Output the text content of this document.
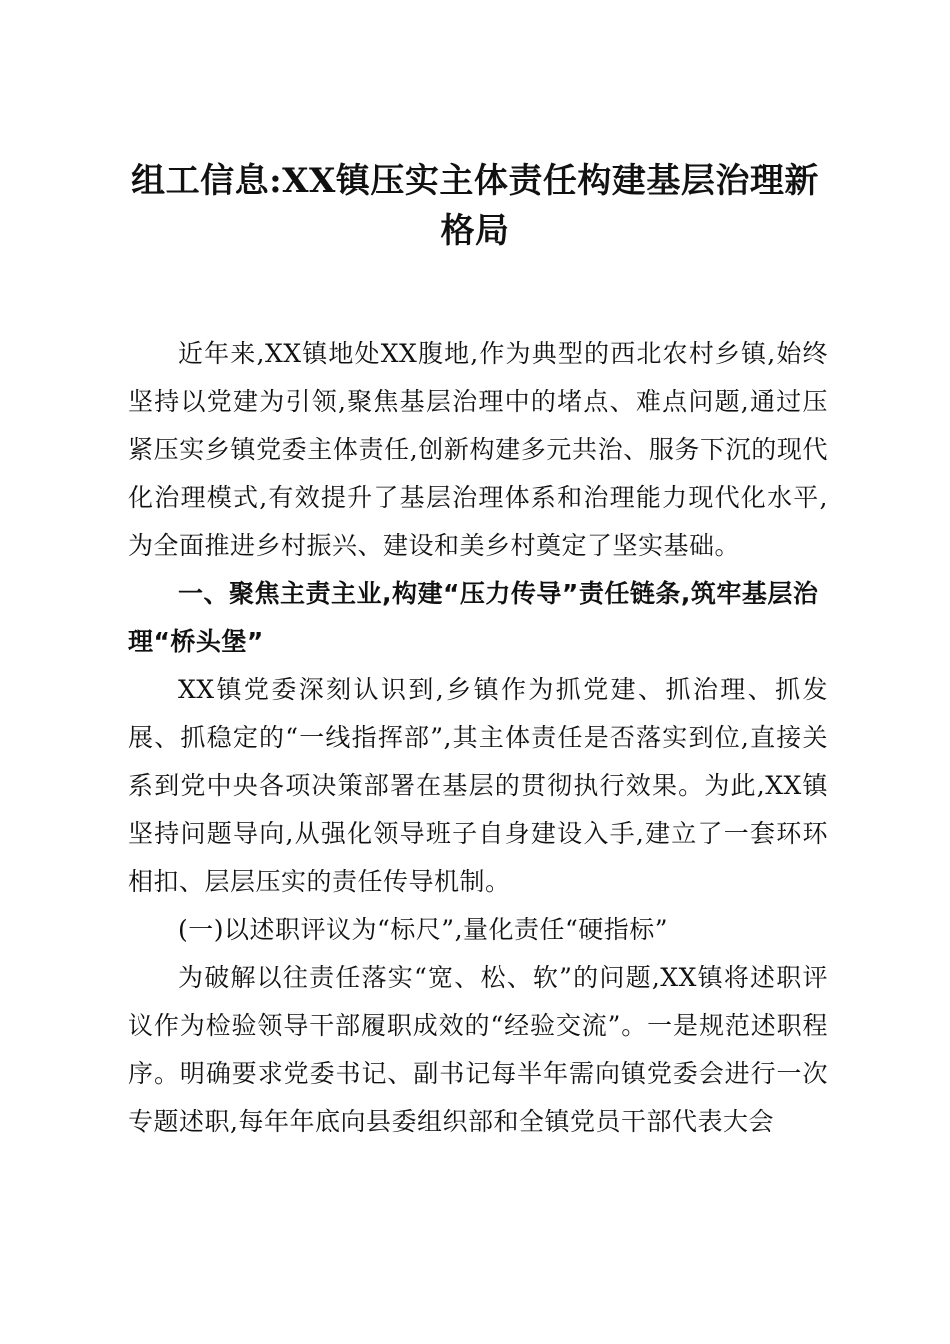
组工信息:XX镇压实主体责任构建基层治理新格局

近年来,XX镇地处XX腹地,作为典型的西北农村乡镇,始终坚持以党建为引领,聚焦基层治理中的堵点、难点问题,通过压紧压实乡镇党委主体责任,创新构建多元共治、服务下沉的现代化治理模式,有效提升了基层治理体系和治理能力现代化水平,为全面推进乡村振兴、建设和美乡村奠定了坚实基础。

一、聚焦主责主业,构建“压力传导”责任链条,筑牢基层治理“桥头堡”

XX镇党委深刻认识到,乡镇作为抓党建、抓治理、抓发展、抓稳定的“一线指挥部”,其主体责任是否落实到位,直接关系到党中央各项决策部署在基层的贯彻执行效果。为此,XX镇坚持问题导向,从强化领导班子自身建设入手,建立了一套环环相扣、层层压实的责任传导机制。

(一)以述职评议为“标尺”,量化责任“硬指标”

为破解以往责任落实“宽、松、软”的问题,XX镇将述职评议作为检验领导干部履职成效的“经验交流”。一是规范述职程序。明确要求党委书记、副书记每半年需向镇党委会进行一次专题述职,每年年底向县委组织部和全镇党员干部代表大会
